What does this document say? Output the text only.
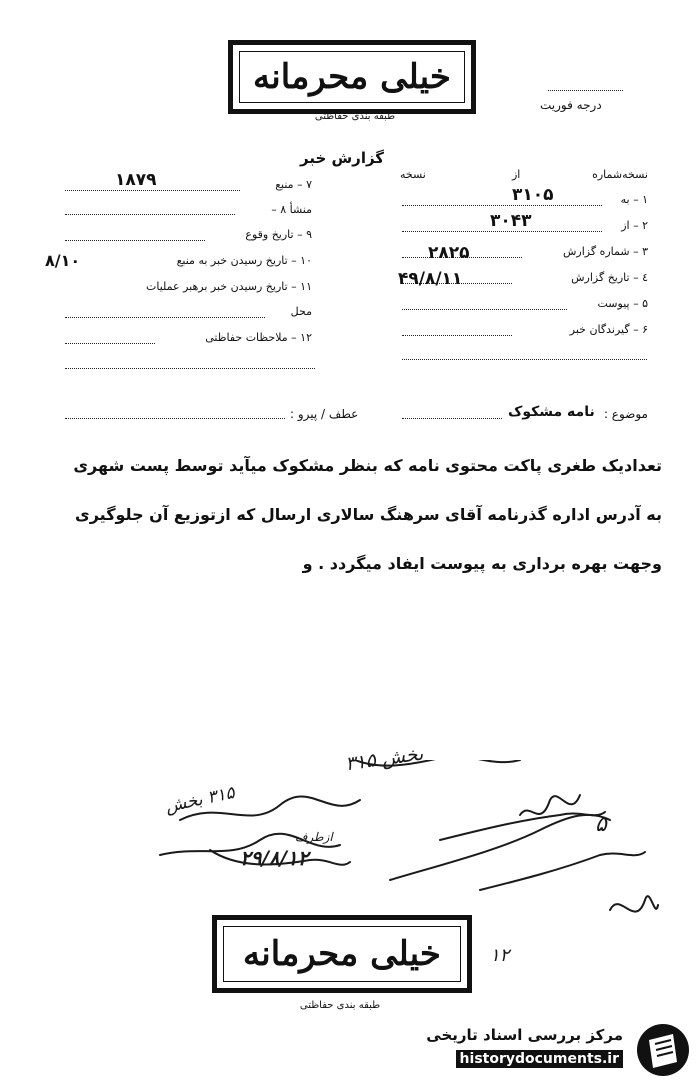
خیلی محرمانه
طبقه بندی حفاظتی
درجه فوریت
گزارش خبر
نسخه‌شماره
از
نسخه
۱ – به
۳۱۰۵
۲ – از
۳۰۴۳
۳ – شماره گزارش
۲۸۲۵
٤ – تاریخ گزارش
۴۹/۸/۱۱
۵ – پیوست
۶ – گیرندگان خبر
۷ – منبع
۱۸۷۹
منشأ ۸ –
۹ – تاریخ وقوع
۱۰ – تاریخ رسیدن خبر به منبع
۸/۱۰
۱۱ – تاریخ رسیدن خبر برهبر عملیات
محل
۱۲ – ملاحظات حفاظتی
موضوع :
نامه مشکوک
عطف / پیرو :
تعدادیک طغری پاکت محتوی نامه که بنظر مشکوک میآید توسط پست شهری
به آدرس اداره گذرنامه آقای سرهنگ سالاری ارسال که ازتوزیع آن جلوگیری
وجهت بهره برداری به پیوست ایفاد میگردد . و
بخش ۳۱۵
۳۱۵ بخش
ازطرف
۲۹/۸/۱۲
۵
۱۲
خیلی محرمانه
طبقه بندی حفاظتی
مرکز بررسی اسناد تاریخی
historydocuments.ir
